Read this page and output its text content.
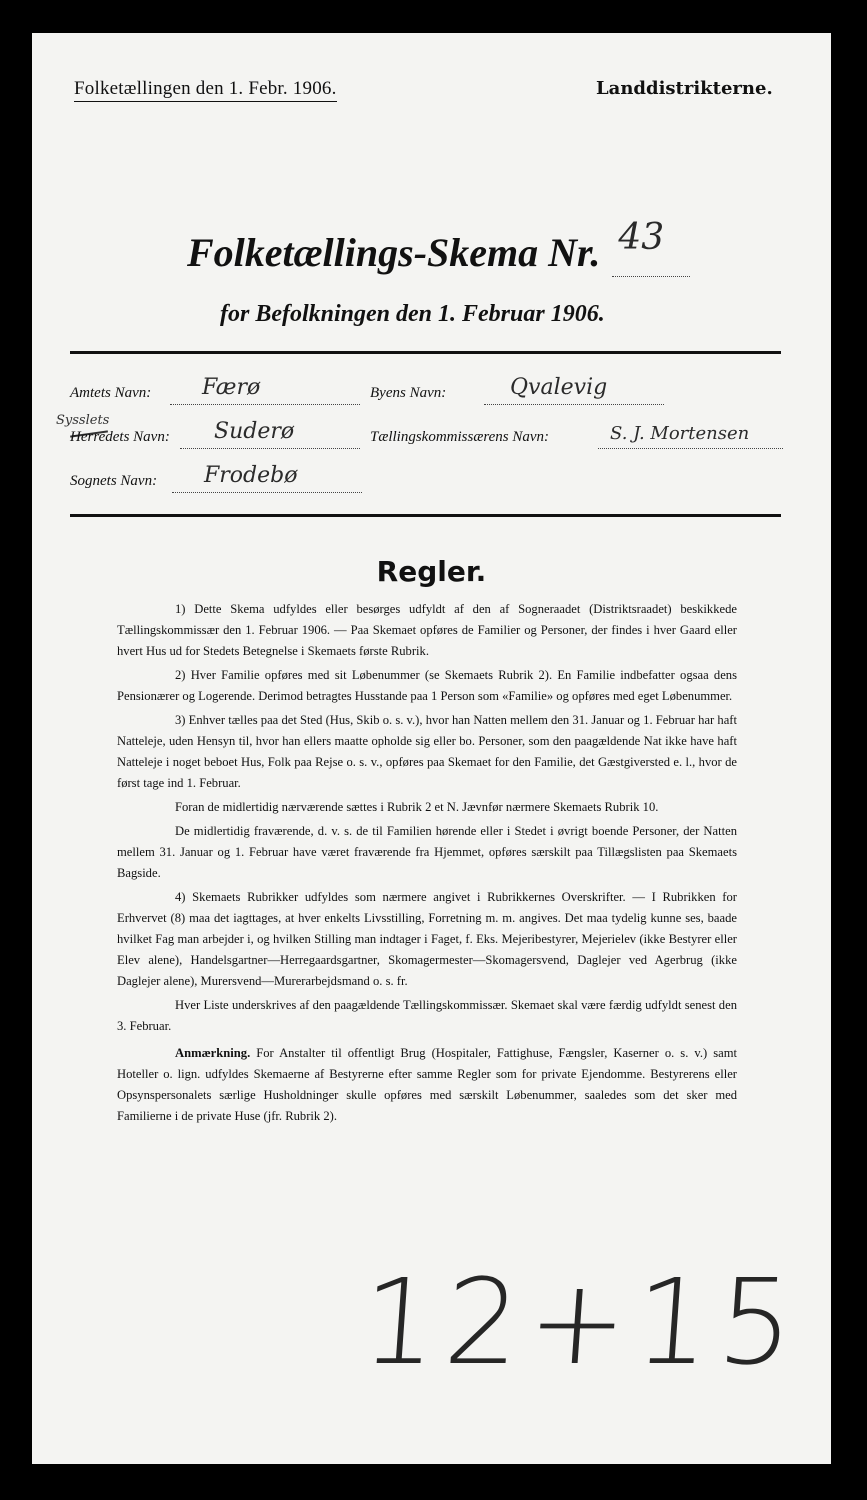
Folketællingen den 1. Febr. 1906.	Landdistrikterne.
Folketællings-Skema Nr. 43
for Befolkningen den 1. Februar 1906.
Amtets Navn: Færø
Sysslets
Herredets Navn: Suderø
Sognets Navn: Frodebø
Byens Navn:	Qvalevig
Tællingskommissærens Navn:	S. J. Mortensen
Regler.

1) Dette Skema udfyldes eller besørges udfyldt af den af Sogneraadet (Distriktsraadet) beskikkede Tællingskommissær den 1. Februar 1906. — Paa Skemaet opføres de Familier og Personer, der findes i hver Gaard eller hvert Hus ud for Stedets Betegnelse i Skemaets første Rubrik.

2) Hver Familie opføres med sit Løbenummer (se Skemaets Rubrik 2). En Familie indbefatter ogsaa dens Pensionærer og Logerende. Derimod betragtes Husstande paa 1 Person som «Familie» og opføres med eget Løbenummer.

3) Enhver tælles paa det Sted (Hus, Skib o. s. v.), hvor han Natten mellem den 31. Januar og 1. Februar har haft Natteleje, uden Hensyn til, hvor han ellers maatte opholde sig eller bo. Personer, som den paagældende Nat ikke have haft Natteleje i noget beboet Hus, Folk paa Rejse o. s. v., opføres paa Skemaet for den Familie, det Gæstgiversted e. l., hvor de først tage ind 1. Februar.

Foran de midlertidig nærværende sættes i Rubrik 2 et N. Jævnfør nærmere Skemaets Rubrik 10.

De midlertidig fraværende, d. v. s. de til Familien hørende eller i Stedet i øvrigt boende Personer, der Natten mellem 31. Januar og 1. Februar have været fraværende fra Hjemmet, opføres særskilt paa Tillægslisten paa Skemaets Bagside.

4) Skemaets Rubrikker udfyldes som nærmere angivet i Rubrikkernes Overskrifter. — I Rubrikken for Erhvervet (8) maa det iagttages, at hver enkelts Livsstilling, Forretning m. m. angives. Det maa tydelig kunne ses, baade hvilket Fag man arbejder i, og hvilken Stilling man indtager i Faget, f. Eks. Mejeribestyrer, Mejerielev (ikke Bestyrer eller Elev alene), Handelsgartner—Herregaardsgartner, Skomagermester—Skomagersvend, Daglejer ved Agerbrug (ikke Daglejer alene), Murersvend—Murerarbejdsmand o. s. fr.

Hver Liste underskrives af den paagældende Tællingskommissær. Skemaet skal være færdig udfyldt senest den 3. Februar.

Anmærkning. For Anstalter til offentligt Brug (Hospitaler, Fattighuse, Fængsler, Kaserner o. s. v.) samt Hoteller o. lign. udfyldes Skemaerne af Bestyrerne efter samme Regler som for private Ejendomme. Bestyrerens eller Opsynspersonalets særlige Husholdninger skulle opføres med særskilt Løbenummer, saaledes som det sker med Familierne i de private Huse (jfr. Rubrik 2).

12+15
